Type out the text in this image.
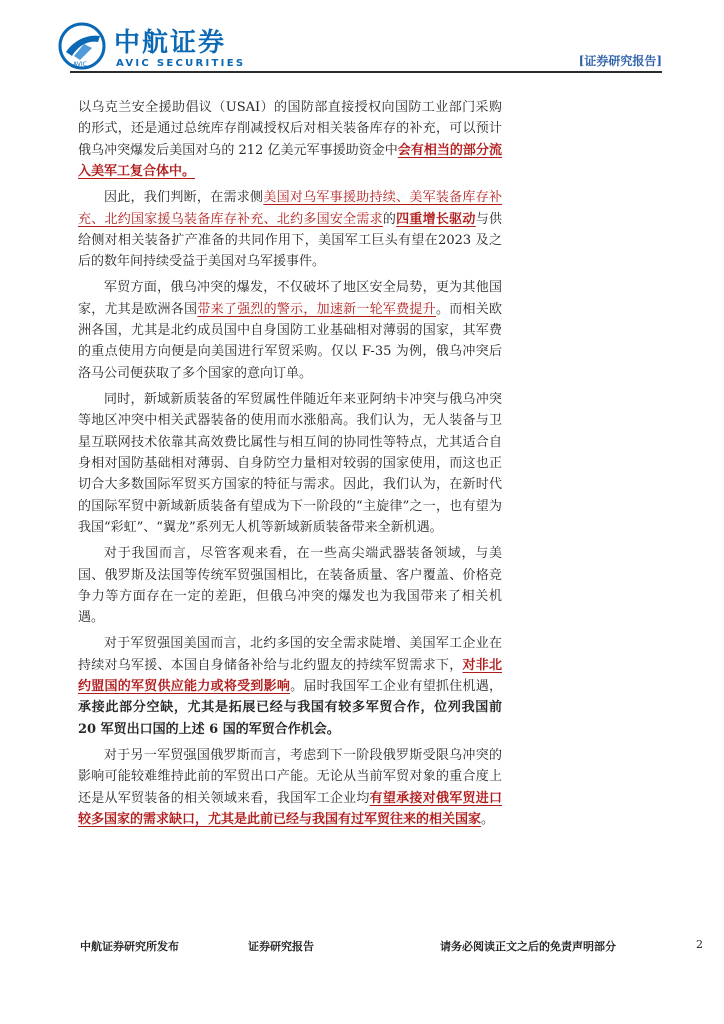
AVIC
中航证券
AVIC SECURITIES	[证券研究报告]

以乌克兰安全援助倡议（USAI）的国防部直接授权向国防工业部门采购的形式，还是通过总统库存削减授权后对相关装备库存的补充，可以预计俄乌冲突爆发后美国对乌的 212 亿美元军事援助资金中会有相当的部分流入美军工复合体中。

因此，我们判断，在需求侧美国对乌军事援助持续、美军装备库存补充、北约国家援乌装备库存补充、北约多国安全需求的四重增长驱动与供给侧对相关装备扩产准备的共同作用下，美国军工巨头有望在2023 及之后的数年间持续受益于美国对乌军援事件。

军贸方面，俄乌冲突的爆发，不仅破坏了地区安全局势，更为其他国家，尤其是欧洲各国带来了强烈的警示，加速新一轮军费提升。而相关欧洲各国，尤其是北约成员国中自身国防工业基础相对薄弱的国家，其军费的重点使用方向便是向美国进行军贸采购。仅以 F-35 为例，俄乌冲突后洛马公司便获取了多个国家的意向订单。

同时，新域新质装备的军贸属性伴随近年来亚阿纳卡冲突与俄乌冲突等地区冲突中相关武器装备的使用而水涨船高。我们认为，无人装备与卫星互联网技术依靠其高效费比属性与相互间的协同性等特点，尤其适合自身相对国防基础相对薄弱、自身防空力量相对较弱的国家使用，而这也正切合大多数国际军贸买方国家的特征与需求。因此，我们认为，在新时代的国际军贸中新域新质装备有望成为下一阶段的“主旋律”之一，也有望为我国“彩虹”、“翼龙”系列无人机等新域新质装备带来全新机遇。

对于我国而言，尽管客观来看，在一些高尖端武器装备领域，与美国、俄罗斯及法国等传统军贸强国相比，在装备质量、客户覆盖、价格竞争力等方面存在一定的差距，但俄乌冲突的爆发也为我国带来了相关机遇。

对于军贸强国美国而言，北约多国的安全需求陡增、美国军工企业在持续对乌军援、本国自身储备补给与北约盟友的持续军贸需求下，对非北约盟国的军贸供应能力或将受到影响。届时我国军工企业有望抓住机遇，承接此部分空缺，尤其是拓展已经与我国有较多军贸合作，位列我国前 20 军贸出口国的上述 6 国的军贸合作机会。

对于另一军贸强国俄罗斯而言，考虑到下一阶段俄罗斯受限乌冲突的影响可能较难维持此前的军贸出口产能。无论从当前军贸对象的重合度上还是从军贸装备的相关领域来看，我国军工企业均有望承接对俄军贸进口较多国家的需求缺口，尤其是此前已经与我国有过军贸往来的相关国家。

中航证券研究所发布	证券研究报告	请务必阅读正文之后的免责声明部分	2
